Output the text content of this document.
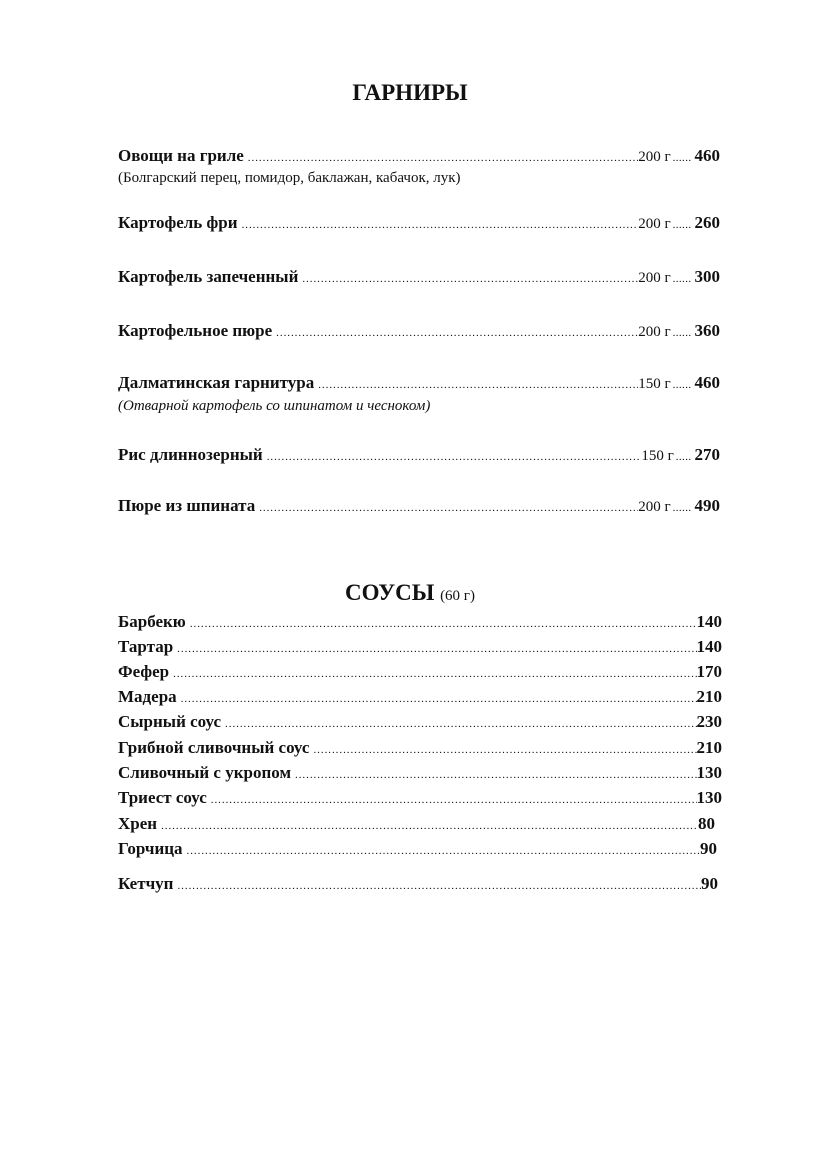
ГАРНИРЫ
Овощи на гриле . . .	200 г ...... 460
(Болгарский перец, помидор, баклажан, кабачок, лук)
Картофель фри . . .	200 г ...... 260
Картофель запеченный . . .	200 г ...... 300
Картофельное пюре . . .	200 г ...... 360
Далматинская гарнитура . . .	150 г ...... 460
(Отварной картофель со шпинатом и чесноком)
Рис длиннозерный . . .	150 г ..... 270
Пюре из шпината . . .	200 г ...... 490
СОУСЫ (60 г)
Барбекю . . .	140
Тартар . . .	140
Фефер . . .	170
Мадера . . .	210
Сырный соус . . .	230
Грибной сливочный соус . . .	210
Сливочный с укропом . . .	130
Триест соус . . .	130
Хрен . . .	80
Горчица . . .	90
Кетчуп . . .	90
